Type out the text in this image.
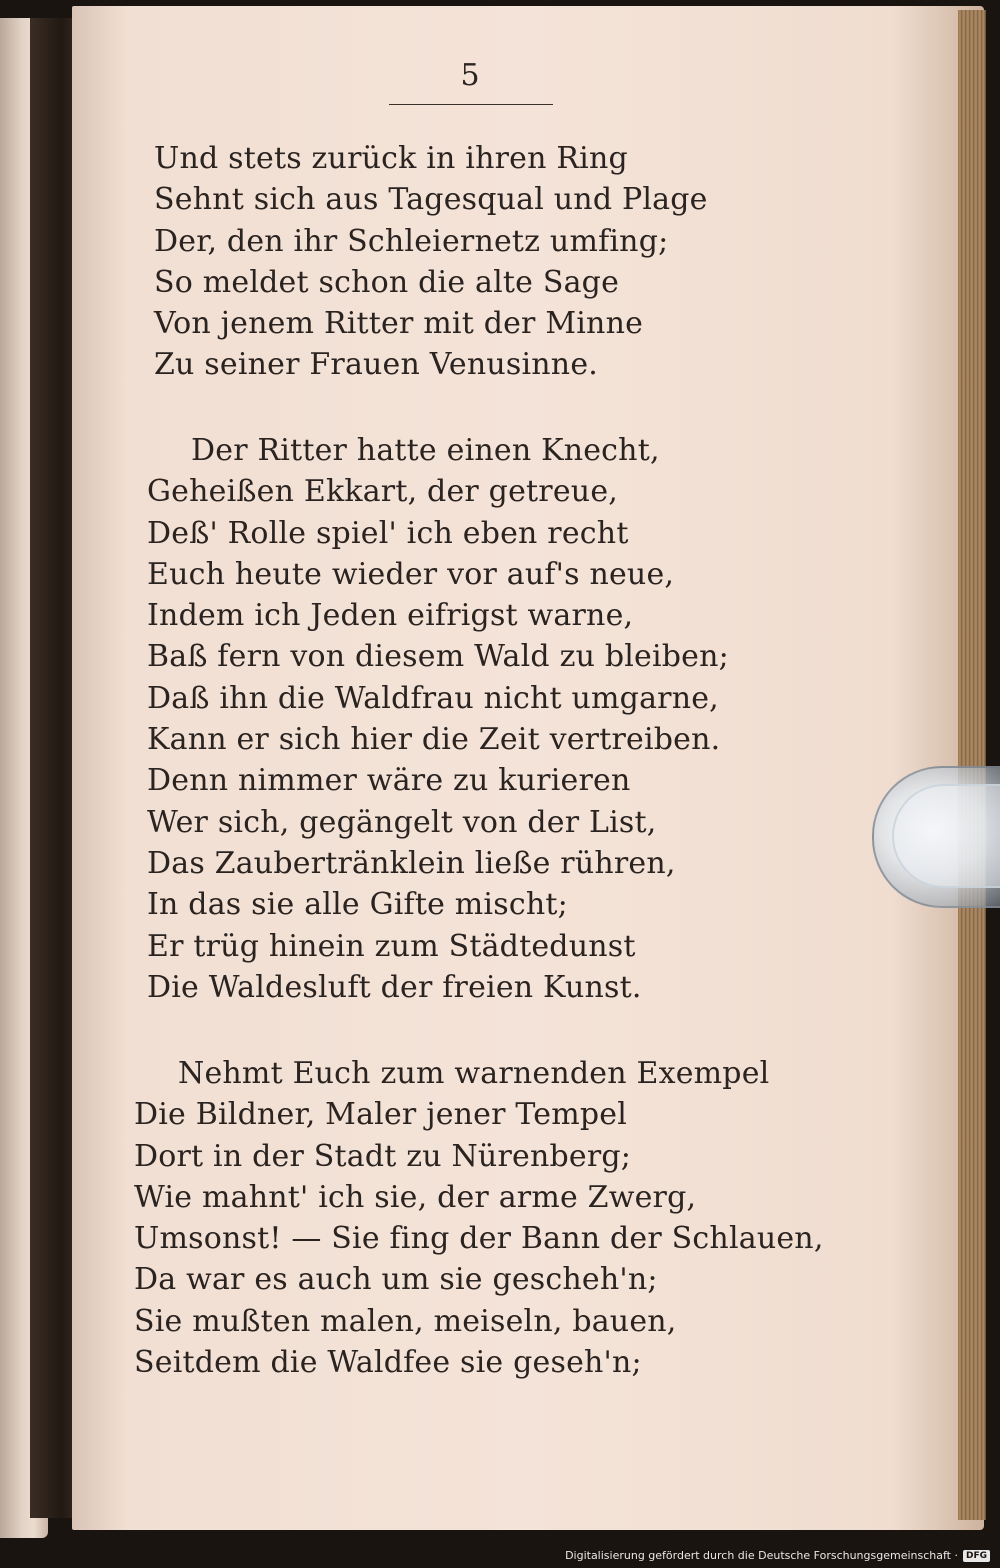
5
Und stets zurück in ihren Ring
Sehnt sich aus Tagesqual und Plage
Der, den ihr Schleiernetz umfing;
So meldet schon die alte Sage
Von jenem Ritter mit der Minne
Zu seiner Frauen Venusinne.
Der Ritter hatte einen Knecht,
Geheißen Ekkart, der getreue,
Deß' Rolle spiel' ich eben recht
Euch heute wieder vor auf's neue,
Indem ich Jeden eifrigst warne,
Baß fern von diesem Wald zu bleiben;
Daß ihn die Waldfrau nicht umgarne,
Kann er sich hier die Zeit vertreiben.
Denn nimmer wäre zu kurieren
Wer sich, gegängelt von der List,
Das Zaubertränklein ließe rühren,
In das sie alle Gifte mischt;
Er trüg hinein zum Städtedunst
Die Waldesluft der freien Kunst.
Nehmt Euch zum warnenden Exempel
Die Bildner, Maler jener Tempel
Dort in der Stadt zu Nürenberg;
Wie mahnt' ich sie, der arme Zwerg,
Umsonst! — Sie fing der Bann der Schlauen,
Da war es auch um sie gescheh'n;
Sie mußten malen, meiseln, bauen,
Seitdem die Waldfee sie geseh'n;
Digitalisierung gefördert durch die Deutsche Forschungsgemeinschaft · DFG
